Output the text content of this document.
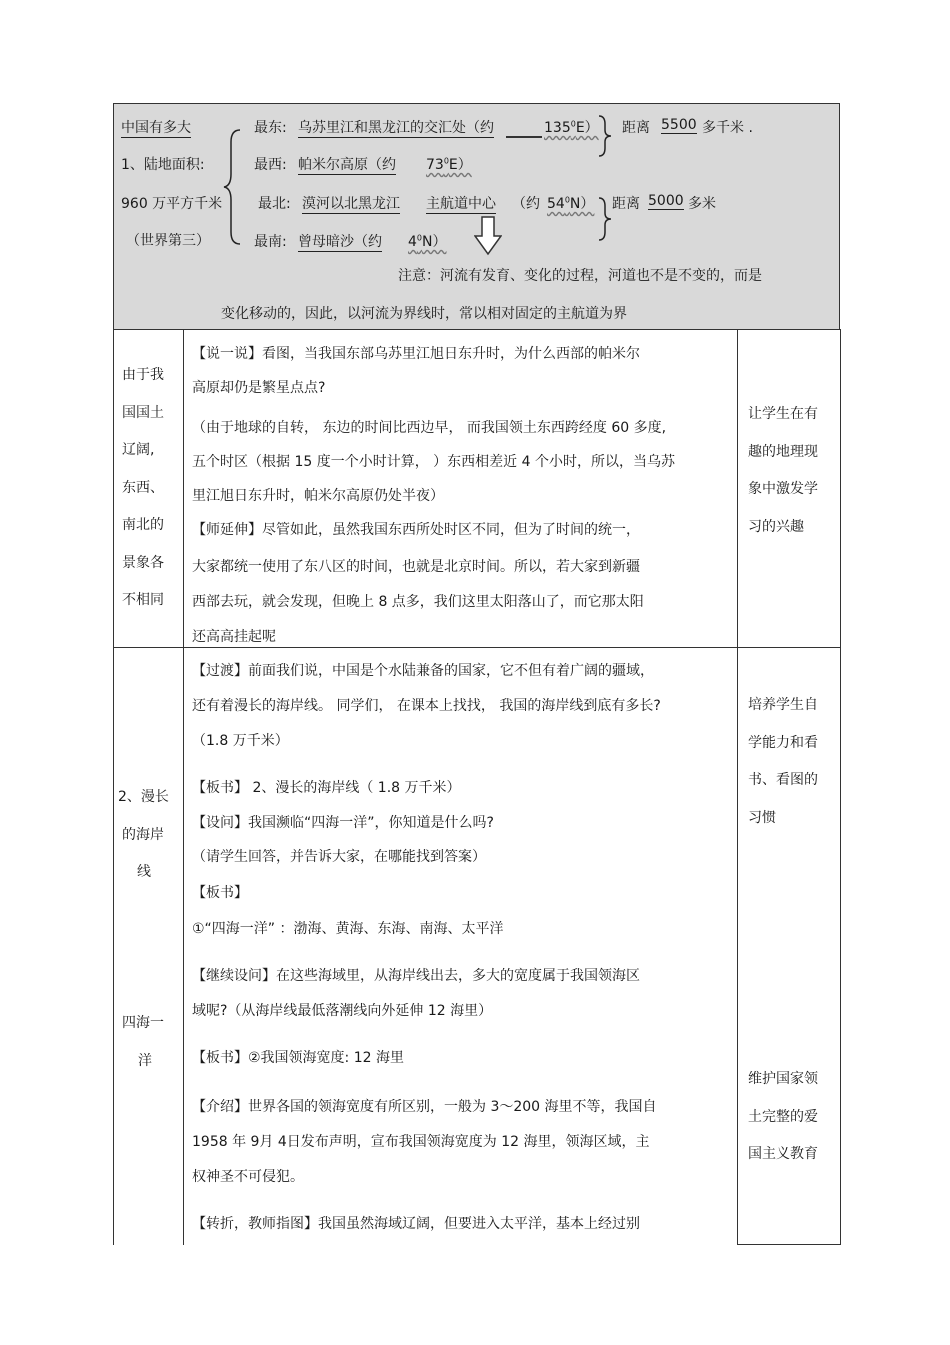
中国有多大
1、陆地面积:
960 万平方千米
（世界第三）
最东: 乌苏里江和黑龙江的交汇处（约	$135^0E$）
最西: 帕米尔高原（约 $73^0E$）
最北: 漠河以北黑龙江 主航道中心 （约 $54^0N$）
最南: 曾母暗沙（约 $4^0N$）
距离 5500 多千米 .
距离 5000 多米
注意：河流有发育、变化的过程，河道也不是不变的，而是
变化移动的，因此，以河流为界线时，常以相对固定的主航道为界
由于我
国国土
辽阔,
东西、
南北的
景象各
不相同
【说一说】看图，当我国东部乌苏里江旭日东升时，为什么西部的帕米尔
高原却仍是繁星点点?
（由于地球的自转， 东边的时间比西边早， 而我国领土东西跨经度 60 多度,
五个时区（根据 15 度一个小时计算， ）东西相差近 4 个小时，所以，当乌苏
里江旭日东升时，帕米尔高原仍处半夜）
【师延伸】尽管如此，虽然我国东西所处时区不同，但为了时间的统一，
大家都统一使用了东八区的时间，也就是北京时间。所以，若大家到新疆
西部去玩，就会发现，但晚上 8 点多，我们这里太阳落山了，而它那太阳
还高高挂起呢
让学生在有
趣的地理现
象中激发学
习的兴趣
2、漫长
的海岸
线
四海一
洋
【过渡】前面我们说，中国是个水陆兼备的国家，它不但有着广阔的疆域，
还有着漫长的海岸线。 同学们， 在课本上找找， 我国的海岸线到底有多长?
（1.8 万千米）
【板书】 2、漫长的海岸线（ 1.8 万千米）
【设问】我国濒临“四海一洋”，你知道是什么吗?
（请学生回答，并告诉大家，在哪能找到答案）
【板书】
①“四海一洋” ：渤海、黄海、东海、南海、太平洋
【继续设问】在这些海域里，从海岸线出去，多大的宽度属于我国领海区
域呢?（从海岸线最低落潮线向外延伸 12 海里）
【板书】②我国领海宽度: 12 海里
【介绍】世界各国的领海宽度有所区别，一般为 3～200 海里不等，我国自
1958 年 9月 4日发布声明，宣布我国领海宽度为 12 海里，领海区域，主
权神圣不可侵犯。
【转折，教师指图】我国虽然海域辽阔，但要进入太平洋，基本上经过别
培养学生自
学能力和看
书、看图的
习惯
维护国家领
土完整的爱
国主义教育
